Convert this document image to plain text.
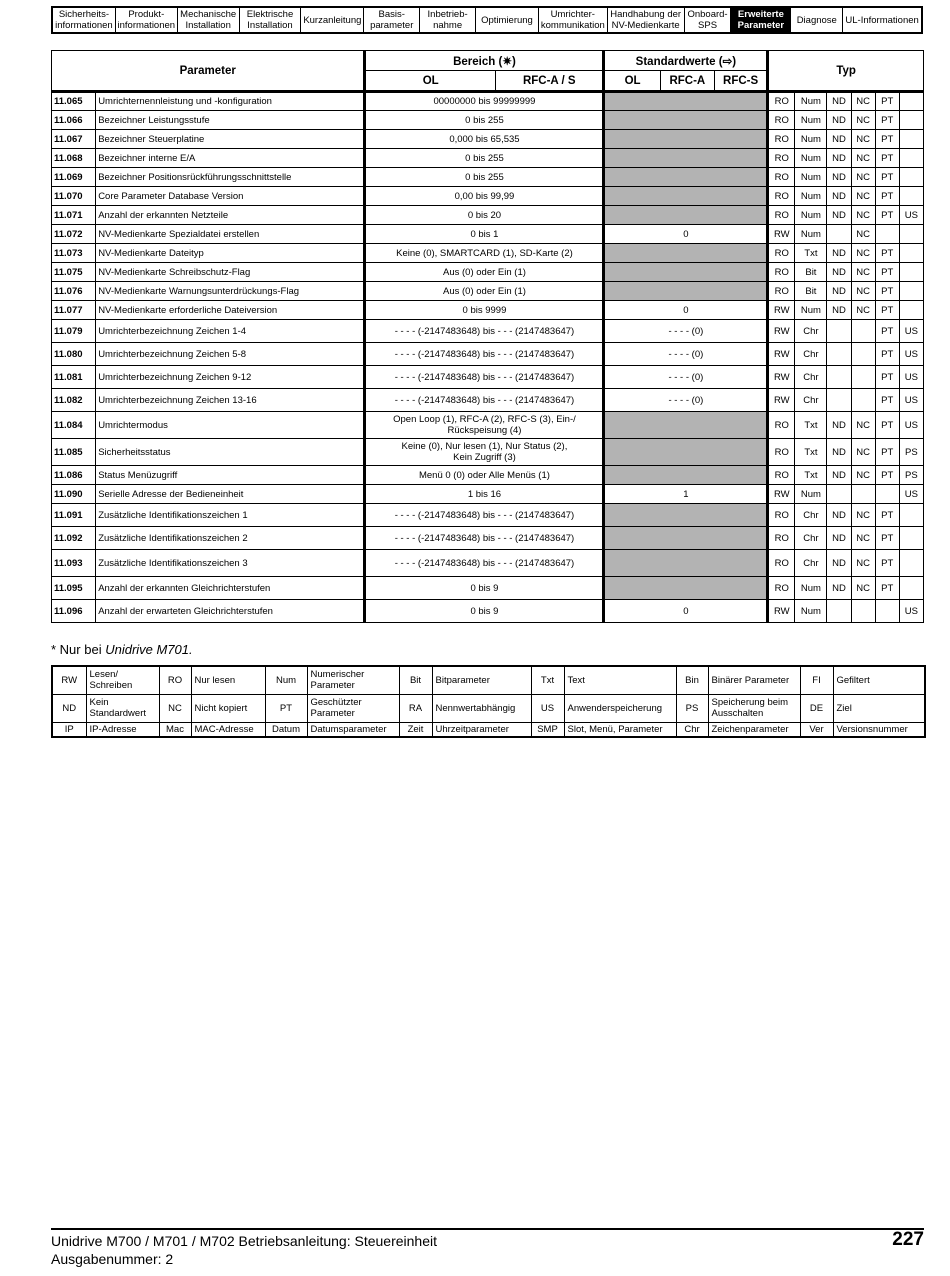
Sicherheits-
informationen
Produkt-
informationen
Mechanische
Installation
Elektrische
Installation	Kurzanleitung	Basis-
parameter
Inbetrieb-
nahme	Optimierung	Umrichter-
kommunikation
Handhabung der
NV-Medienkarte
Onboard-
SPS
Erweiterte
Parameter	Diagnose UL-Informationen
Parameter		Bereich (✷)		Standardwerte (⇨)			Typ					
		OL	RFC-A / S	OL	RFC-A	RFC-S						
11.065	Umrichternennleistung und -konfiguration	00000000 bis 99999999					RO	Num	ND	NC	PT	
11.066	Bezeichner Leistungsstufe	0 bis 255					RO	Num	ND	NC	PT	
11.067	Bezeichner Steuerplatine	0,000 bis 65,535					RO	Num	ND	NC	PT	
11.068	Bezeichner interne E/A	0 bis 255					RO	Num	ND	NC	PT	
11.069	Bezeichner Positionsrückführungsschnittstelle	0 bis 255					RO	Num	ND	NC	PT	
11.070	Core Parameter Database Version	0,00 bis 99,99					RO	Num	ND	NC	PT	
11.071	Anzahl der erkannten Netzteile	0 bis 20					RO	Num	ND	NC	PT	US
11.072	NV-Medienkarte Spezialdatei erstellen	0 bis 1		0			RW	Num		NC		
11.073	NV-Medienkarte Dateityp	Keine (0), SMARTCARD (1), SD-Karte (2)					RO	Txt	ND	NC	PT	
11.075	NV-Medienkarte Schreibschutz-Flag	Aus (0) oder Ein (1)					RO	Bit	ND	NC	PT	
11.076	NV-Medienkarte Warnungsunterdrückungs-Flag	Aus (0) oder Ein (1)					RO	Bit	ND	NC	PT	
11.077	NV-Medienkarte erforderliche Dateiversion	0 bis 9999		0			RW	Num	ND	NC	PT	
11.079	Umrichterbezeichnung Zeichen 1-4	- - - - (-2147483648) bis - - - (2147483647)		- - - - (0)			RW	Chr			PT	US
11.080	Umrichterbezeichnung Zeichen 5-8	- - - - (-2147483648) bis - - - (2147483647)		- - - - (0)			RW	Chr			PT	US
11.081	Umrichterbezeichnung Zeichen 9-12	- - - - (-2147483648) bis - - - (2147483647)		- - - - (0)			RW	Chr			PT	US
11.082	Umrichterbezeichnung Zeichen 13-16	- - - - (-2147483648) bis - - - (2147483647)		- - - - (0)			RW	Chr			PT	US
11.084	Umrichtermodus	Open Loop (1), RFC-A (2), RFC-S (3), Ein-/
Rückspeisung (4)					RO	Txt	ND	NC	PT	US
11.085	Sicherheitsstatus	Keine (0), Nur lesen (1), Nur Status (2),
Kein Zugriff (3)					RO	Txt	ND	NC	PT	PS
11.086	Status Menüzugriff	Menü 0 (0) oder Alle Menüs (1)					RO	Txt	ND	NC	PT	PS
11.090	Serielle Adresse der Bedieneinheit	1 bis 16		1			RW	Num				US
11.091	Zusätzliche Identifikationszeichen 1	- - - - (-2147483648) bis - - - (2147483647)					RO	Chr	ND	NC	PT	
11.092	Zusätzliche Identifikationszeichen 2	- - - - (-2147483648) bis - - - (2147483647)					RO	Chr	ND	NC	PT	
11.093	Zusätzliche Identifikationszeichen 3	- - - - (-2147483648) bis - - - (2147483647)					RO	Chr	ND	NC	PT	
11.095	Anzahl der erkannten Gleichrichterstufen	0 bis 9					RO	Num	ND	NC	PT	
11.096	Anzahl der erwarteten Gleichrichterstufen	0 bis 9		0			RW	Num				US
* Nur bei Unidrive M701.
RW	Lesen/
Schreiben	RO	Nur lesen	Num	Numerischer
Parameter	Bit	Bitparameter	Txt	Text	Bin	Binärer Parameter	FI	Gefiltert
ND	Kein
Standardwert	NC	Nicht kopiert	PT	Geschützter
Parameter	RA	Nennwertabhängig	US	Anwenderspeicherung	PS	Speicherung beim
Ausschalten	DE	Ziel
IP	IP-Adresse	Mac	MAC-Adresse	Datum	Datumsparameter	Zeit	Uhrzeitparameter	SMP	Slot, Menü, Parameter	Chr	Zeichenparameter	Ver	Versionsnummer
Unidrive M700 / M701 / M702 Betriebsanleitung: Steuereinheit
Ausgabenummer: 2
227
